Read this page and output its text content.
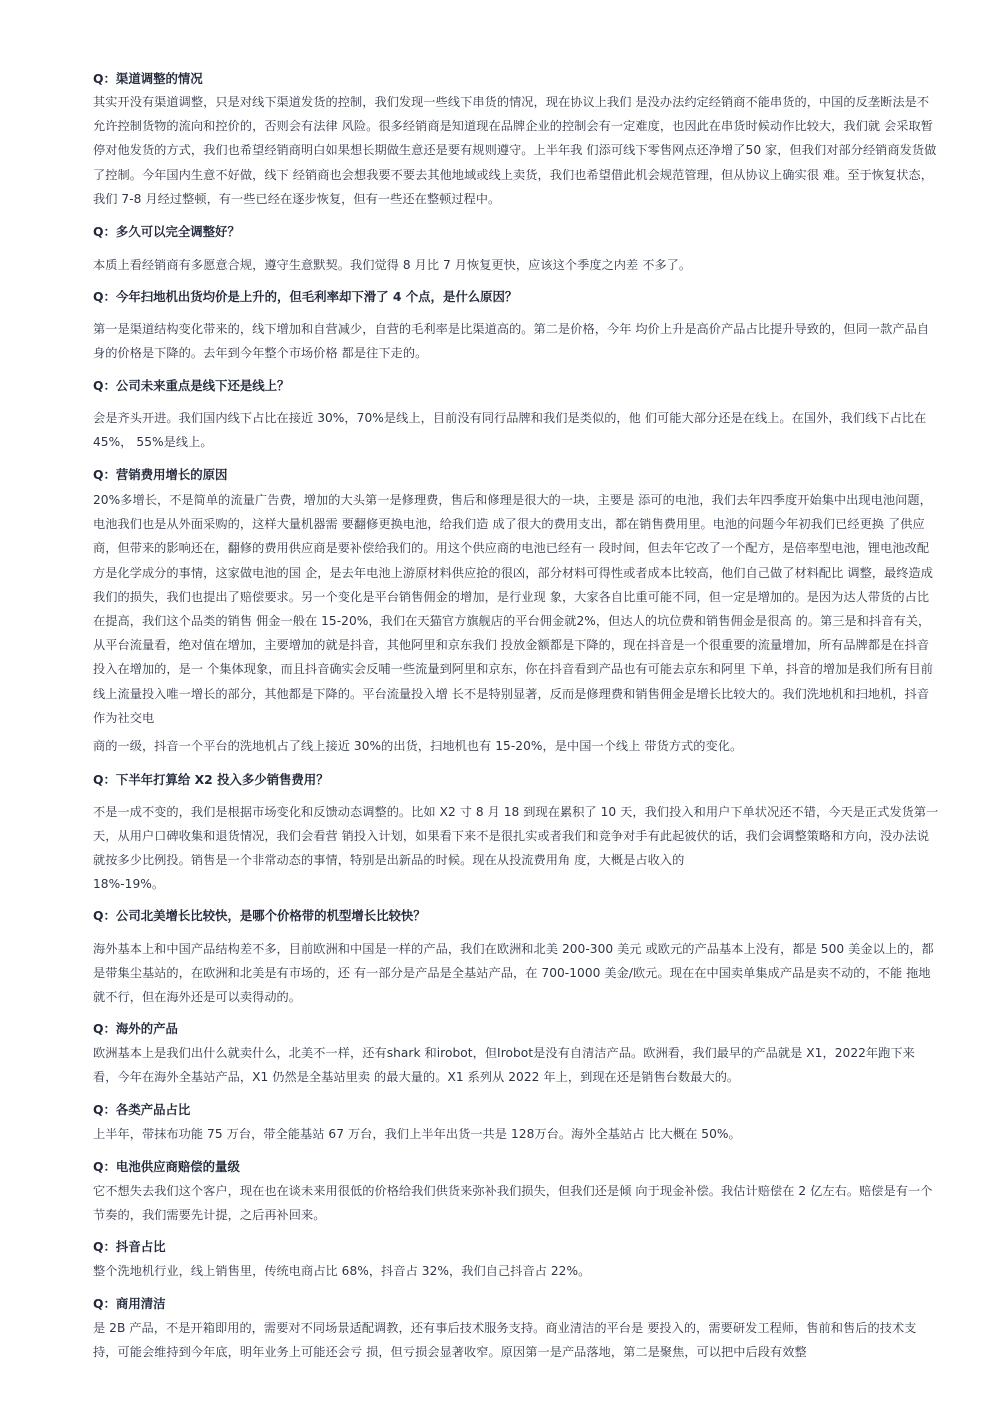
Q：渠道调整的情况
其实开没有渠道调整，只是对线下渠道发货的控制，我们发现一些线下串货的情况，现在协议上我们 是没办法约定经销商不能串货的，中国的反垄断法是不允许控制货物的流向和控价的，否则会有法律 风险。很多经销商是知道现在品牌企业的控制会有一定难度，也因此在串货时候动作比较大，我们就 会采取暂停对他发货的方式，我们也希望经销商明白如果想长期做生意还是要有规则遵守。上半年我 们添可线下零售网点还净增了50 家，但我们对部分经销商发货做了控制。今年国内生意不好做，线下 经销商也会想我要不要去其他地域或线上卖货，我们也希望借此机会规范管理，但从协议上确实很 难。至于恢复状态，我们 7-8 月经过整顿，有一些已经在逐步恢复，但有一些还在整顿过程中。
Q：多久可以完全调整好？
本质上看经销商有多愿意合规，遵守生意默契。我们觉得 8 月比 7 月恢复更快，应该这个季度之内差 不多了。
Q：今年扫地机出货均价是上升的，但毛利率却下滑了 4 个点，是什么原因？
第一是渠道结构变化带来的，线下增加和自营减少，自营的毛利率是比渠道高的。第二是价格，今年 均价上升是高价产品占比提升导致的，但同一款产品自身的价格是下降的。去年到今年整个市场价格 都是往下走的。
Q：公司未来重点是线下还是线上？
会是齐头开进。我们国内线下占比在接近 30%，70%是线上，目前没有同行品牌和我们是类似的，他 们可能大部分还是在线上。在国外，我们线下占比在 45%， 55%是线上。
Q：营销费用增长的原因
20%多增长，不是简单的流量广告费，增加的大头第一是修理费，售后和修理是很大的一块，主要是 添可的电池，我们去年四季度开始集中出现电池问题，电池我们也是从外面采购的，这样大量机器需 要翻修更换电池，给我们造 成了很大的费用支出，都在销售费用里。电池的问题今年初我们已经更换 了供应商，但带来的影响还在，翻修的费用供应商是要补偿给我们的。用这个供应商的电池已经有一 段时间，但去年它改了一个配方，是倍率型电池，锂电池改配方是化学成分的事情，这家做电池的国 企，是去年电池上游原材料供应抢的很凶，部分材料可得性或者成本比较高，他们自己做了材料配比 调整，最终造成我们的损失，我们也提出了赔偿要求。另一个变化是平台销售佣金的增加，是行业现 象，大家各自比重可能不同，但一定是增加的。是因为达人带货的占比在提高，我们这个品类的销售 佣金一般在 15-20%，我们在天猫官方旗舰店的平台佣金就2%，但达人的坑位费和销售佣金是很高 的。第三是和抖音有关，从平台流量看，绝对值在增加，主要增加的就是抖音，其他阿里和京东我们 投放金额都是下降的，现在抖音是一个很重要的流量增加，所有品牌都是在抖音投入在增加的，是一 个集体现象，而且抖音确实会反哺一些流量到阿里和京东，你在抖音看到产品也有可能去京东和阿里 下单，抖音的增加是我们所有目前线上流量投入唯一增长的部分，其他都是下降的。平台流量投入增 长不是特别显著，反而是修理费和销售佣金是增长比较大的。我们洗地机和扫地机，抖音作为社交电
商的一级，抖音一个平台的洗地机占了线上接近 30%的出货，扫地机也有 15-20%，是中国一个线上 带货方式的变化。
Q：下半年打算给 X2 投入多少销售费用？
不是一成不变的，我们是根据市场变化和反馈动态调整的。比如 X2 寸 8 月 18 到现在累积了 10 天，我们投入和用户下单状况还不错，今天是正式发货第一天，从用户口碑收集和退货情况，我们会看营 销投入计划，如果看下来不是很扎实或者我们和竞争对手有此起彼伏的话，我们会调整策略和方向，没办法说就按多少比例投。销售是一个非常动态的事情，特别是出新品的时候。现在从投流费用角 度，大概是占收入的
18%-19%。
Q：公司北美增长比较快，是哪个价格带的机型增长比较快？
海外基本上和中国产品结构差不多，目前欧洲和中国是一样的产品，我们在欧洲和北美 200-300 美元 或欧元的产品基本上没有，都是 500 美金以上的，都是带集尘基站的，在欧洲和北美是有市场的，还 有一部分是产品是全基站产品，在 700-1000 美金/欧元。现在在中国卖单集成产品是卖不动的，不能 拖地就不行，但在海外还是可以卖得动的。
Q：海外的产品
欧洲基本上是我们出什么就卖什么，北美不一样，还有shark 和irobot，但Irobot是没有自清洁产品。欧洲看，我们最早的产品就是 X1，2022年跑下来看，今年在海外全基站产品，X1 仍然是全基站里卖 的最大量的。X1 系列从 2022 年上，到现在还是销售台数最大的。
Q：各类产品占比
上半年，带抹布功能 75 万台，带全能基站 67 万台，我们上半年出货一共是 128万台。海外全基站占 比大概在 50%。
Q：电池供应商赔偿的量级
它不想失去我们这个客户，现在也在谈未来用很低的价格给我们供货来弥补我们损失，但我们还是倾 向于现金补偿。我估计赔偿在 2 亿左右。赔偿是有一个节奏的，我们需要先计提，之后再补回来。
Q：抖音占比
整个洗地机行业，线上销售里，传统电商占比 68%，抖音占 32%，我们自己抖音占 22%。
Q：商用清洁
是 2B 产品，不是开箱即用的，需要对不同场景适配调教，还有事后技术服务支持。商业清洁的平台是 要投入的，需要研发工程师，售前和售后的技术支持，可能会维持到今年底，明年业务上可能还会亏 损，但亏损会显著收窄。原因第一是产品落地，第二是聚焦，可以把中后段有效整
